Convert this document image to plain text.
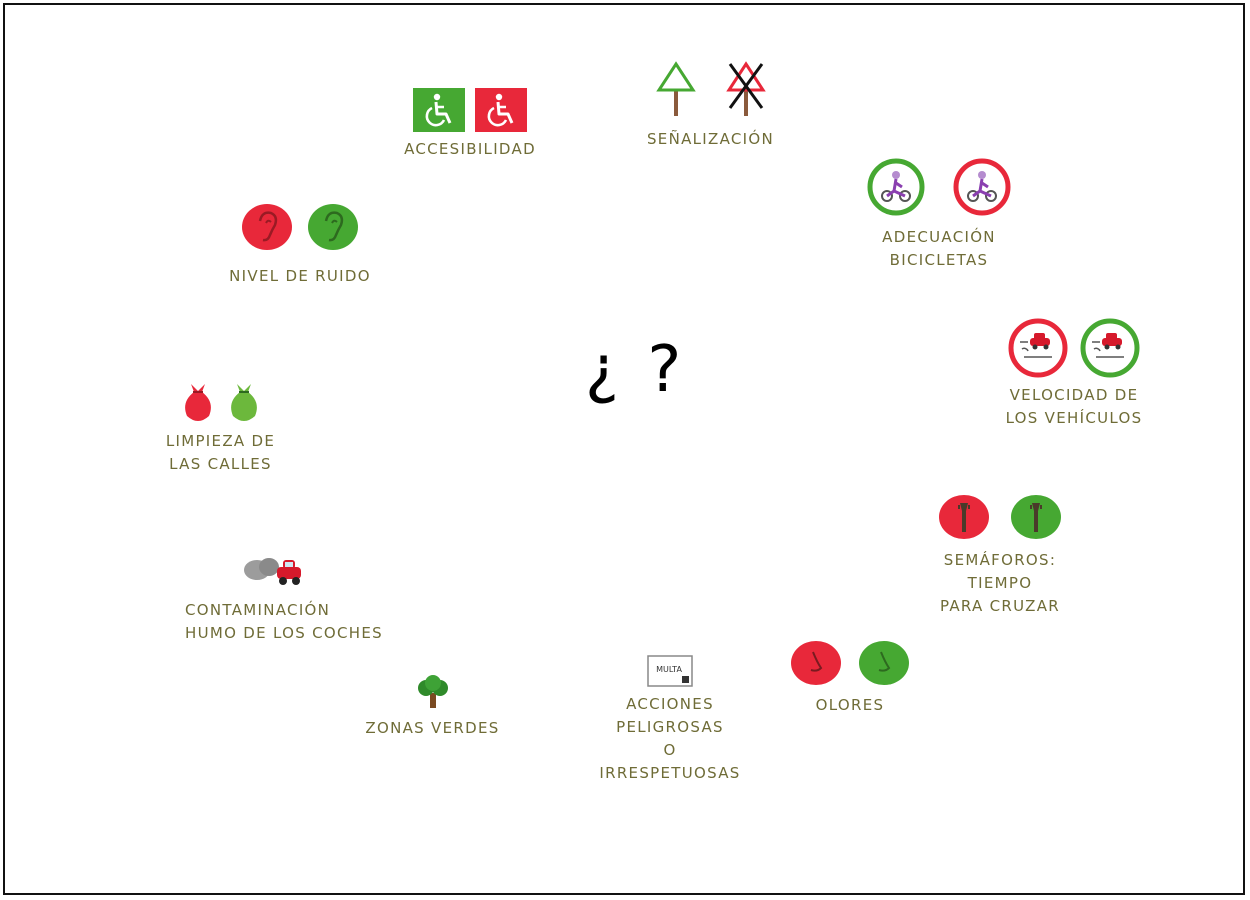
¿ ?
ACCESIBILIDAD
SEÑALIZACIÓN
ADECUACIÓN
BICICLETAS
VELOCIDAD DE
LOS VEHÍCULOS
SEMÁFOROS:
TIEMPO
PARA CRUZAR
OLORES
MULTA
ACCIONES
PELIGROSAS
O
IRRESPETUOSAS
ZONAS VERDES
CONTAMINACIÓN
HUMO DE LOS COCHES
LIMPIEZA DE
LAS CALLES
NIVEL DE RUIDO
